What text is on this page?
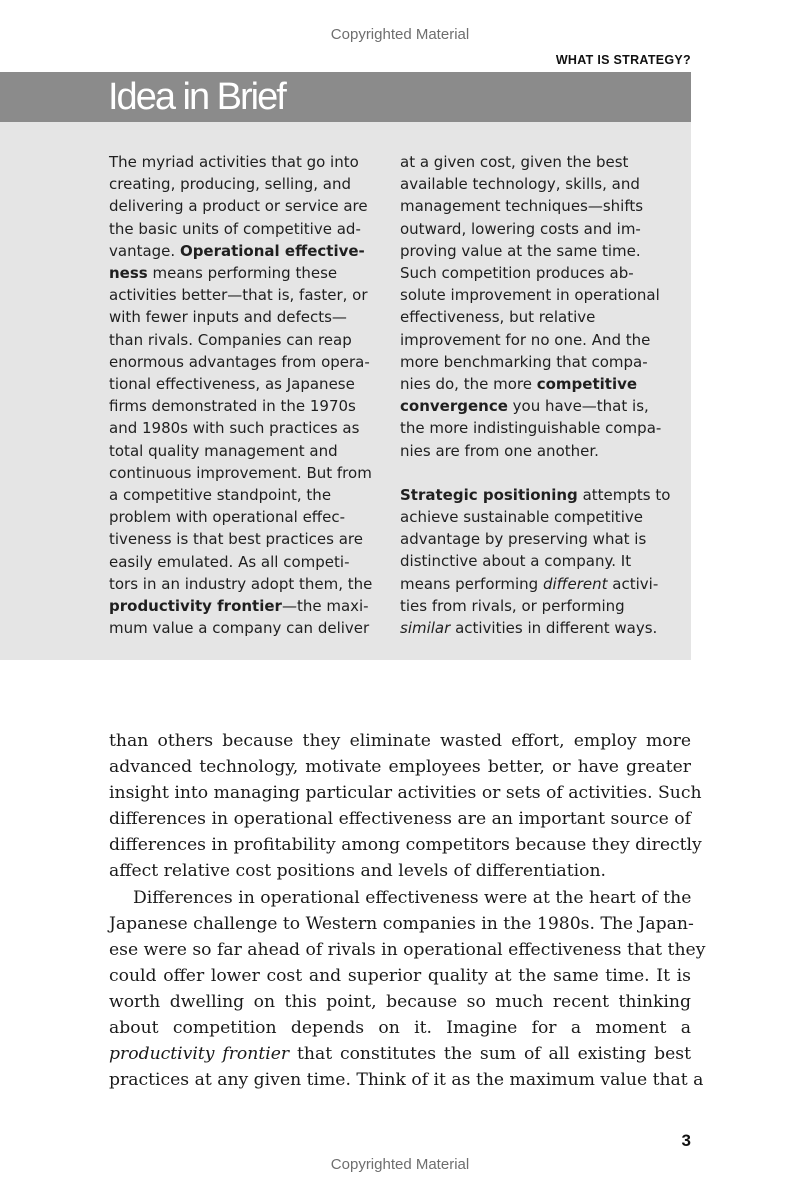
Copyrighted Material
WHAT IS STRATEGY?
Idea in Brief
The myriad activities that go into
creating, producing, selling, and
delivering a product or service are
the basic units of competitive ad-
vantage. Operational effective-
ness means performing these
activities better—that is, faster, or
with fewer inputs and defects—
than rivals. Companies can reap
enormous advantages from opera-
tional effectiveness, as Japanese
firms demonstrated in the 1970s
and 1980s with such practices as
total quality management and
continuous improvement. But from
a competitive standpoint, the
problem with operational effec-
tiveness is that best practices are
easily emulated. As all competi-
tors in an industry adopt them, the
productivity frontier—the maxi-
mum value a company can deliver
at a given cost, given the best
available technology, skills, and
management techniques—shifts
outward, lowering costs and im-
proving value at the same time.
Such competition produces ab-
solute improvement in operational
effectiveness, but relative
improvement for no one. And the
more benchmarking that compa-
nies do, the more competitive
convergence you have—that is,
the more indistinguishable compa-
nies are from one another.
Strategic positioning attempts to
achieve sustainable competitive
advantage by preserving what is
distinctive about a company. It
means performing different activi-
ties from rivals, or performing
similar activities in different ways.
than others because they eliminate wasted effort, employ more
advanced technology, motivate employees better, or have greater
insight into managing particular activities or sets of activities. Such
differences in operational effectiveness are an important source of
differences in profitability among competitors because they directly
affect relative cost positions and levels of differentiation.
Differences in operational effectiveness were at the heart of the
Japanese challenge to Western companies in the 1980s. The Japan-
ese were so far ahead of rivals in operational effectiveness that they
could offer lower cost and superior quality at the same time. It is
worth dwelling on this point, because so much recent thinking
about competition depends on it. Imagine for a moment a
productivity frontier that constitutes the sum of all existing best
practices at any given time. Think of it as the maximum value that a
3
Copyrighted Material
